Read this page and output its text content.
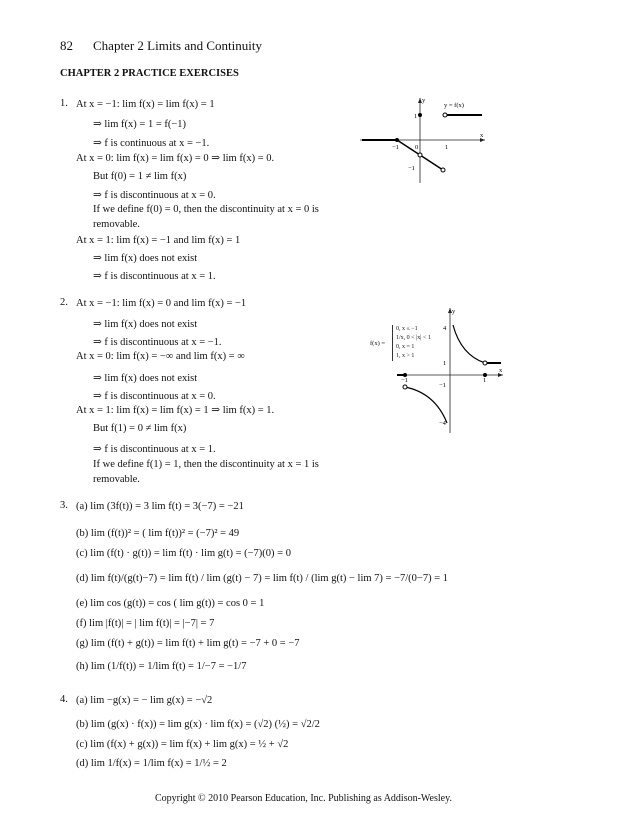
82 Chapter 2 Limits and Continuity
CHAPTER 2 PRACTICE EXERCISES
1. At x = −1: lim f(x) = lim f(x) = 1
⇒ lim f(x) = 1 = f(−1)
⇒ f is continuous at x = −1.
At x = 0: lim f(x) = lim f(x) = 0 ⇒ lim f(x) = 0.
But f(0) = 1 ≠ lim f(x)
⇒ f is discontinuous at x = 0.
If we define f(0) = 0, then the discontinuity at x = 0 is
removable.
At x = 1: lim f(x) = −1 and lim f(x) = 1
⇒ lim f(x) does not exist
⇒ f is discontinuous at x = 1.
y = f(x)
y
x
−1 0	1
1
−1
2. At x = −1: lim f(x) = 0 and lim f(x) = −1
⇒ lim f(x) does not exist
⇒ f is discontinuous at x = −1.
At x = 0: lim f(x) = −∞ and lim f(x) = ∞
⇒ lim f(x) does not exist
⇒ f is discontinuous at x = 0.
At x = 1: lim f(x) = lim f(x) = 1 ⇒ lim f(x) = 1.
But f(1) = 0 ≠ lim f(x)
⇒ f is discontinuous at x = 1.
If we define f(1) = 1, then the discontinuity at x = 1 is
removable.
f(x) =
0, x ≤ −1
1/x, 0 < |x| < 1
0, x = 1
1, x > 1
y
x
4
1
−1
−4
−1	1
3. (a) lim (3f(t)) = 3 lim f(t) = 3(−7) = −21
(b) lim (f(t))² = ( lim f(t))² = (−7)² = 49
(c) lim (f(t) · g(t)) = lim f(t) · lim g(t) = (−7)(0) = 0
(d) lim f(t)/(g(t)−7) = lim f(t) / lim (g(t) − 7) = lim f(t) / (lim g(t) − lim 7) = −7/(0−7) = 1
(e) lim cos (g(t)) = cos ( lim g(t)) = cos 0 = 1
(f) lim |f(t)| = | lim f(t)| = |−7| = 7
(g) lim (f(t) + g(t)) = lim f(t) + lim g(t) = −7 + 0 = −7
(h) lim (1/f(t)) = 1/lim f(t) = 1/−7 = −1/7
4. (a) lim −g(x) = − lim g(x) = −√2
(b) lim (g(x) · f(x)) = lim g(x) · lim f(x) = (√2) (½) = √2/2
(c) lim (f(x) + g(x)) = lim f(x) + lim g(x) = ½ + √2
(d) lim 1/f(x) = 1/lim f(x) = 1/½ = 2
Copyright © 2010 Pearson Education, Inc. Publishing as Addison-Wesley.
